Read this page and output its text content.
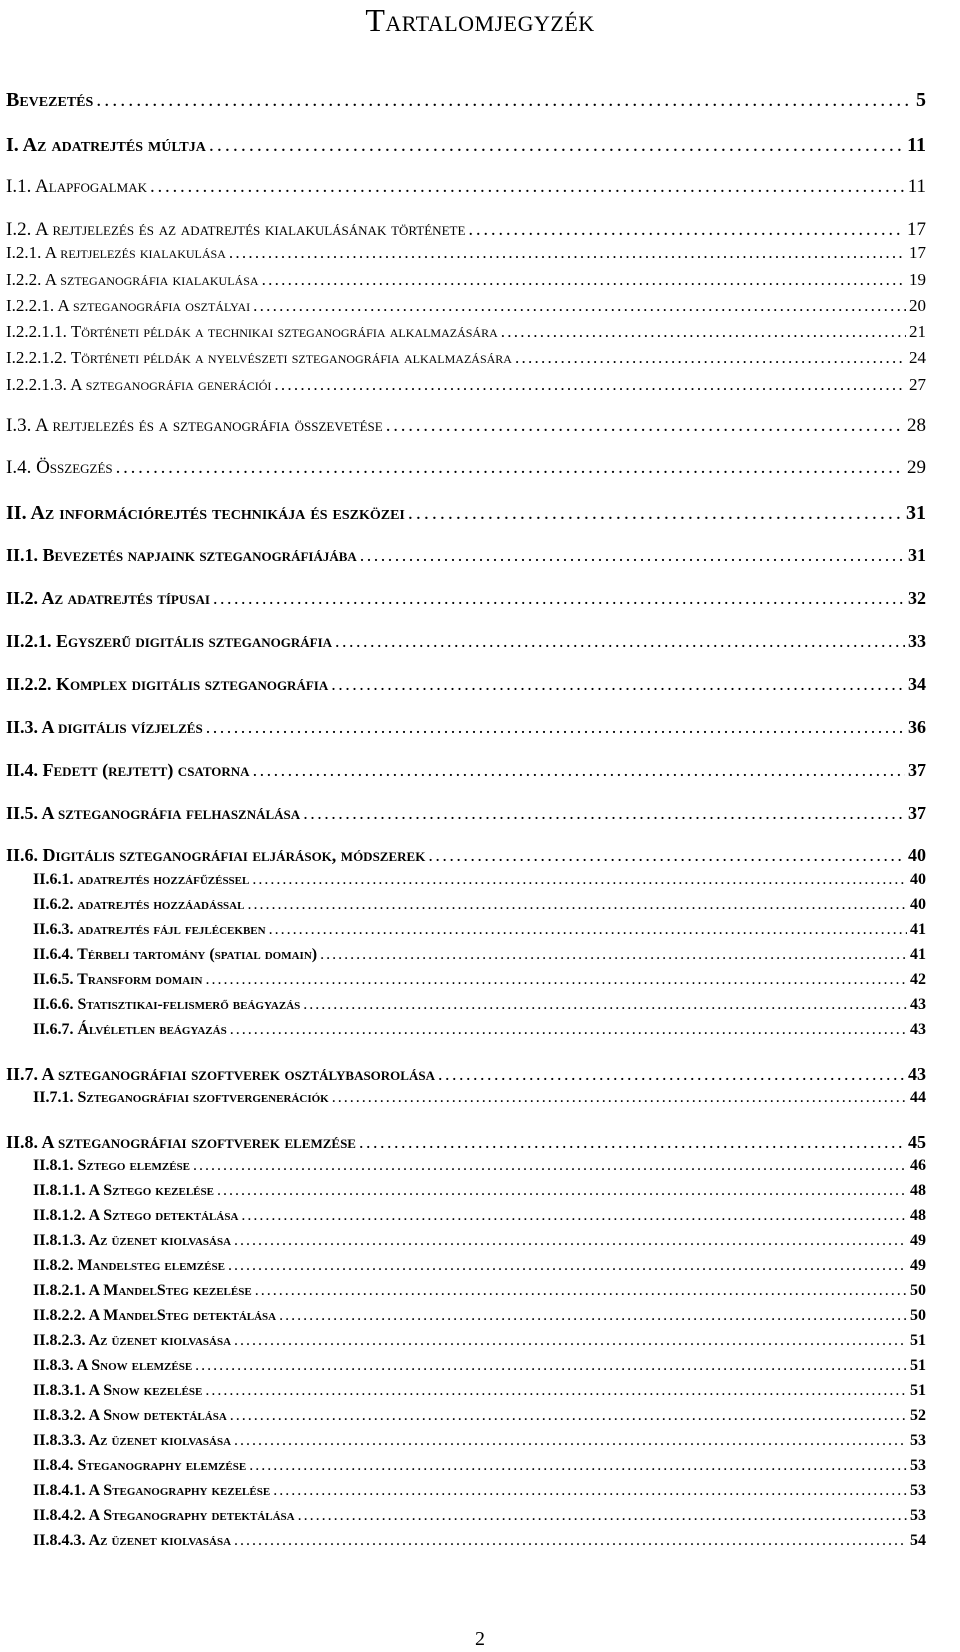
Tartalomjegyzék
Bevezetés . . .	5
I. Az adatrejtés múltja . . .	11
I.1. Alapfogalmak . . .	11
I.2. A rejtjelezés és az adatrejtés kialakulásának története . . .	17
I.2.1. A rejtjelezés kialakulása . . .	17
I.2.2. A szteganográfia kialakulása . . .	19
I.2.2.1. A szteganográfia osztályai . . .	20
I.2.2.1.1. Történeti példák a technikai szteganográfia alkalmazására . . .	21
I.2.2.1.2. Történeti példák a nyelvészeti szteganográfia alkalmazására . . .	24
I.2.2.1.3. A szteganográfia generációi . . .	27
I.3. A rejtjelezés és a szteganográfia összevetése . . .	28
I.4. Összegzés . . .	29
II. Az információrejtés technikája és eszközei . . .	31
II.1. Bevezetés napjaink szteganográfiájába . . .	31
II.2. Az adatrejtés típusai . . .	32
II.2.1. Egyszerű digitális szteganográfia . . .	33
II.2.2. Komplex digitális szteganográfia . . .	34
II.3. A digitális vízjelzés . . .	36
II.4. Fedett (rejtett) csatorna . . .	37
II.5. A szteganográfia felhasználása . . .	37
II.6. Digitális szteganográfiai eljárások, módszerek . . .	40
II.6.1. adatrejtés hozzáfűzéssel . . .	40
II.6.2. adatrejtés hozzáadással . . .	40
II.6.3. adatrejtés fájl fejlécekben . . .	41
II.6.4. Térbeli tartomány (spatial domain) . . .	41
II.6.5. Transform domain . . .	42
II.6.6. Statisztikai-felismerő beágyazás . . .	43
II.6.7. Álvéletlen beágyazás . . .	43
II.7. A szteganográfiai szoftverek osztálybasorolása . . .	43
II.7.1. Szteganográfiai szoftvergenerációk . . .	44
II.8. A szteganográfiai szoftverek elemzése . . .	45
II.8.1. Sztego elemzése . . .	46
II.8.1.1. A Sztego kezelése . . .	48
II.8.1.2. A Sztego detektálása . . .	48
II.8.1.3. Az üzenet kiolvasása . . .	49
II.8.2. Mandelsteg elemzése . . .	49
II.8.2.1. A MandelSteg kezelése . . .	50
II.8.2.2. A MandelSteg detektálása . . .	50
II.8.2.3. Az üzenet kiolvasása . . .	51
II.8.3. A Snow elemzése . . .	51
II.8.3.1. A Snow kezelése . . .	51
II.8.3.2. A Snow detektálása . . .	52
II.8.3.3. Az üzenet kiolvasása . . .	53
II.8.4. Steganography elemzése . . .	53
II.8.4.1. A Steganography kezelése . . .	53
II.8.4.2. A Steganography detektálása . . .	53
II.8.4.3. Az üzenet kiolvasása . . .	54
2
